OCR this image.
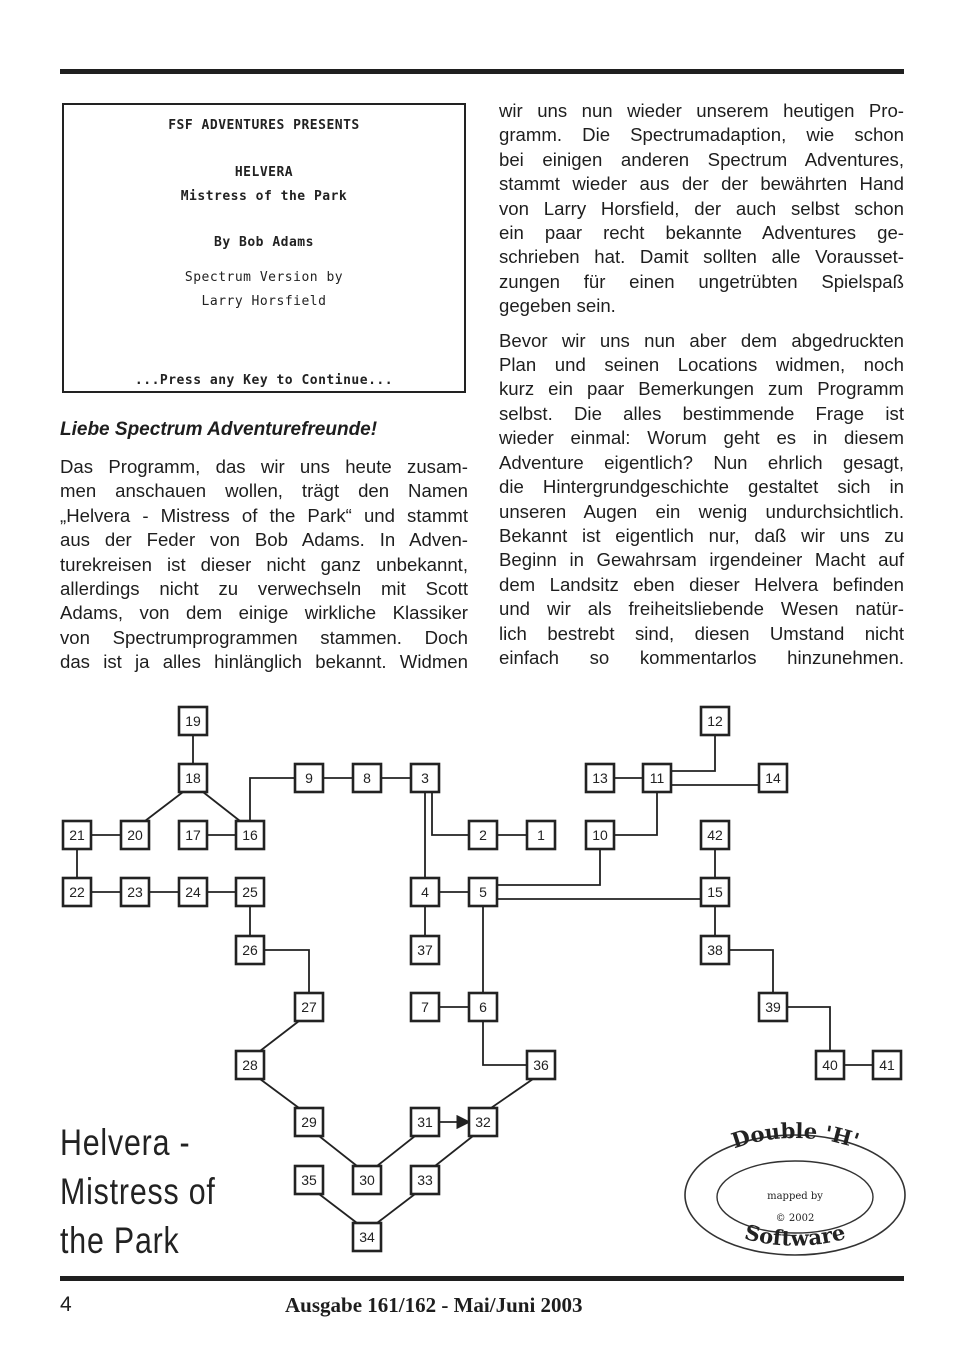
FSF ADVENTURES PRESENTS
HELVERA
Mistress of the Park
By Bob Adams
Spectrum Version by
Larry Horsfield
...Press any Key to Continue...
Liebe Spectrum Adventurefreunde!

Das Programm, das wir uns heute zusam-
men anschauen wollen, trägt den Namen
„Helvera - Mistress of the Park“ und stammt
aus der Feder von Bob Adams. In Adven-
turekreisen ist dieser nicht ganz unbekannt,
allerdings nicht zu verwechseln mit Scott
Adams, von dem einige wirkliche Klassiker
von Spectrumprogrammen stammen. Doch
das ist ja alles hinlänglich bekannt. Widmen

wir uns nun wieder unserem heutigen Pro-
gramm. Die Spectrumadaption, wie schon
bei einigen anderen Spectrum Adventures,
stammt wieder aus der der bewährten Hand
von Larry Horsfield, der auch selbst schon
ein paar recht bekannte Adventures ge-
schrieben hat. Damit sollten alle Vorausset-
zungen für einen ungetrübten Spielspaß
gegeben sein.

Bevor wir uns nun aber dem abgedruckten
Plan und seinen Locations widmen, noch
kurz ein paar Bemerkungen zum Programm
selbst. Die alles bestimmende Frage ist
wieder einmal: Worum geht es in diesem
Adventure eigentlich? Nun ehrlich gesagt,
die Hintergrundgeschichte gestaltet sich in
unseren Augen ein wenig undurchsichtlich.
Bekannt ist eigentlich nur, daß wir uns zu
Beginn in Gewahrsam irgendeiner Macht auf
dem Landsitz eben dieser Helvera befinden
und wir als freiheitsliebende Wesen natür-
lich bestrebt sind, diesen Umstand nicht
einfach so kommentarlos hinzunehmen.

1
2
3
4	5
6
7
8
9
10
11
12
13	14
15
16
17
18
19
20
21
22	23	24	25
26
27
28
29
30
31	32
33
34
35
36
37	38
39
40	41
42
Double 'H'
Software
mapped by
© 2002
Helvera -
Mistress of
the Park
4	Ausgabe 161/162 - Mai/Juni 2003
